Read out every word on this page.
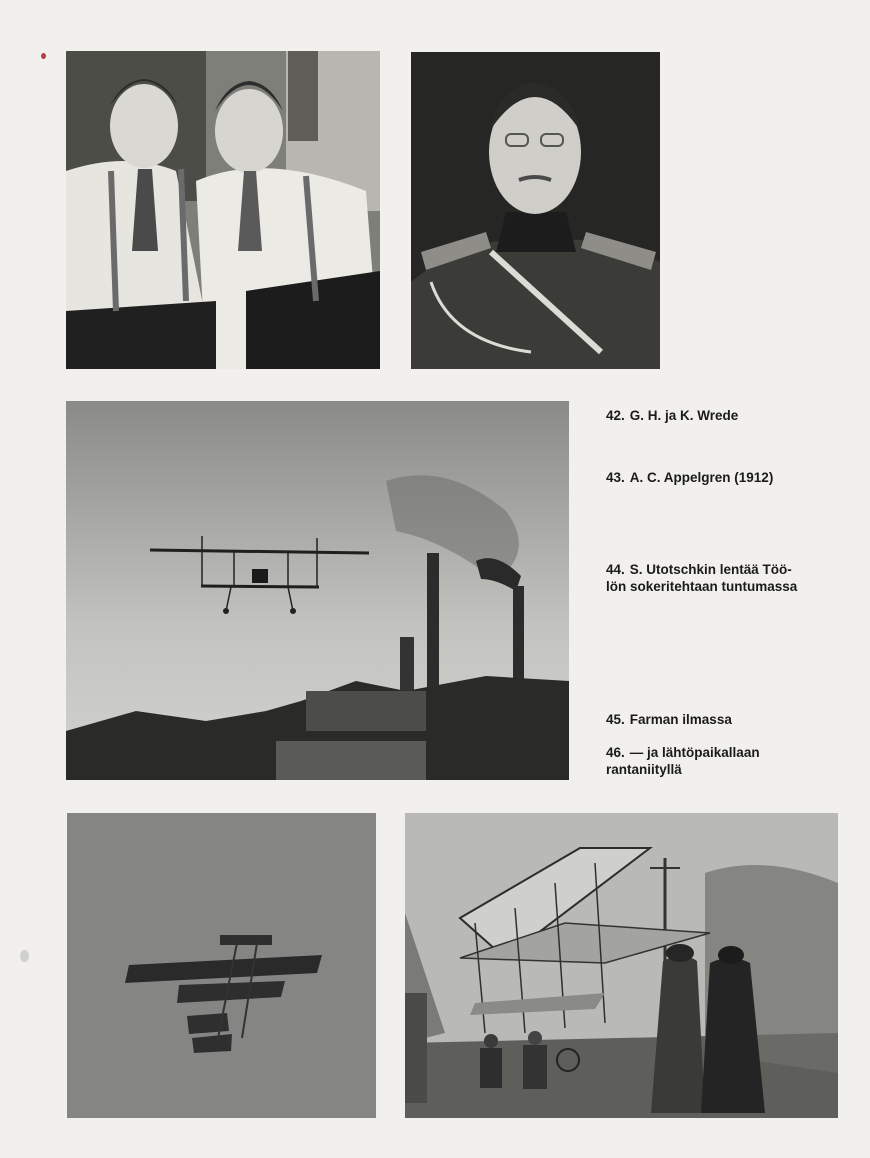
42. G. H. ja K. Wrede

43. A. C. Appelgren (1912)

44. S. Utotschkin lentää Töö-
lön sokeritehtaan tuntumassa

45. Farman ilmassa

46. — ja lähtöpaikallaan
rantaniityllä
